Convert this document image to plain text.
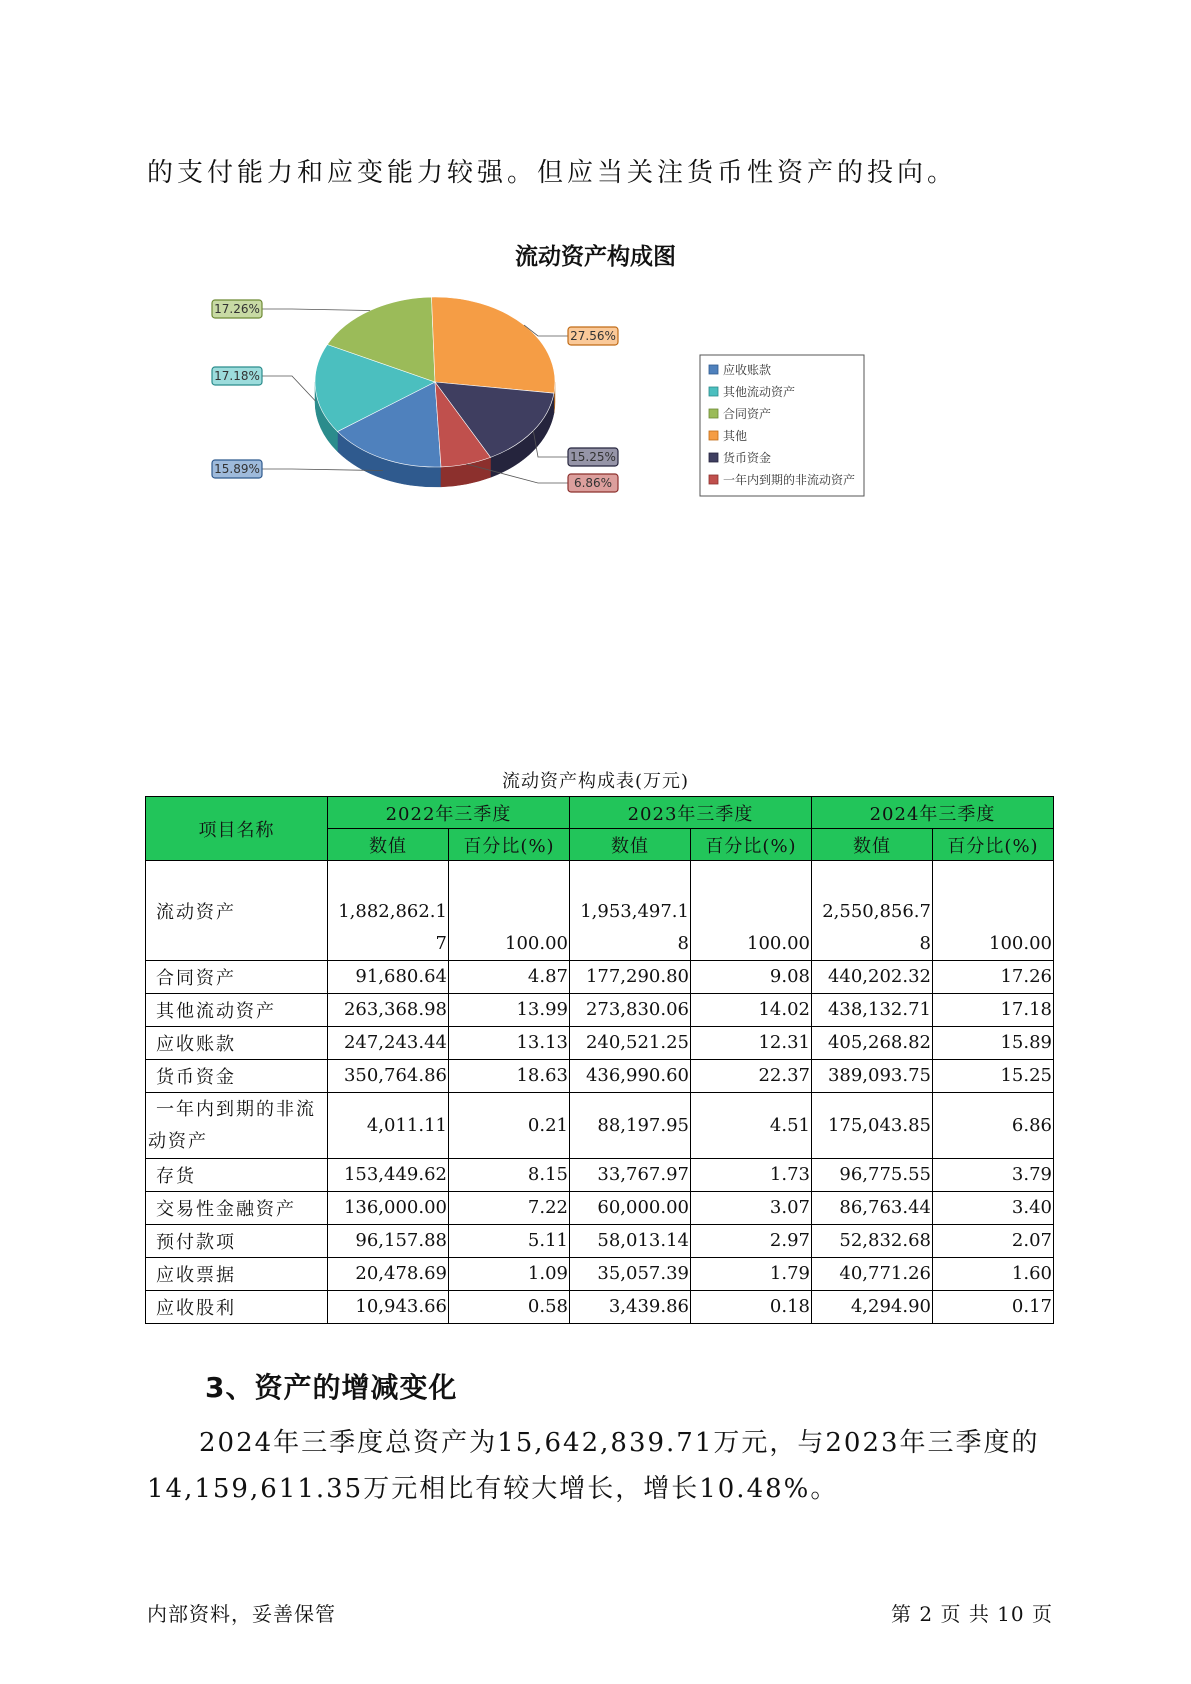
的支付能力和应变能力较强。但应当关注货币性资产的投向。

流动资产构成图
15.89%
17.18%
17.26%
27.56%
15.25%
6.86%
应收账款
其他流动资产
合同资产
其他
货币资金
一年内到期的非流动资产
流动资产构成表(万元)
项目名称	2022年三季度		2023年三季度		2024年三季度	
	数值	百分比(%)	数值	百分比(%)	数值	百分比(%)
流动资产	1,882,862.17	100.00	1,953,497.18	100.00	2,550,856.78	100.00
合同资产	91,680.64	4.87	177,290.80	9.08	440,202.32	17.26
其他流动资产	263,368.98	13.99	273,830.06	14.02	438,132.71	17.18
应收账款	247,243.44	13.13	240,521.25	12.31	405,268.82	15.89
货币资金	350,764.86	18.63	436,990.60	22.37	389,093.75	15.25
一年内到期的非流动资产	4,011.11	0.21	88,197.95	4.51	175,043.85	6.86
存货	153,449.62	8.15	33,767.97	1.73	96,775.55	3.79
交易性金融资产	136,000.00	7.22	60,000.00	3.07	86,763.44	3.40
预付款项	96,157.88	5.11	58,013.14	2.97	52,832.68	2.07
应收票据	20,478.69	1.09	35,057.39	1.79	40,771.26	1.60
应收股利	10,943.66	0.58	3,439.86	0.18	4,294.90	0.17
3、资产的增减变化

2024年三季度总资产为15,642,839.71万元，与2023年三季度的14,159,611.35万元相比有较大增长，增长10.48%。

内部资料，妥善保管	第 2 页 共 10 页
